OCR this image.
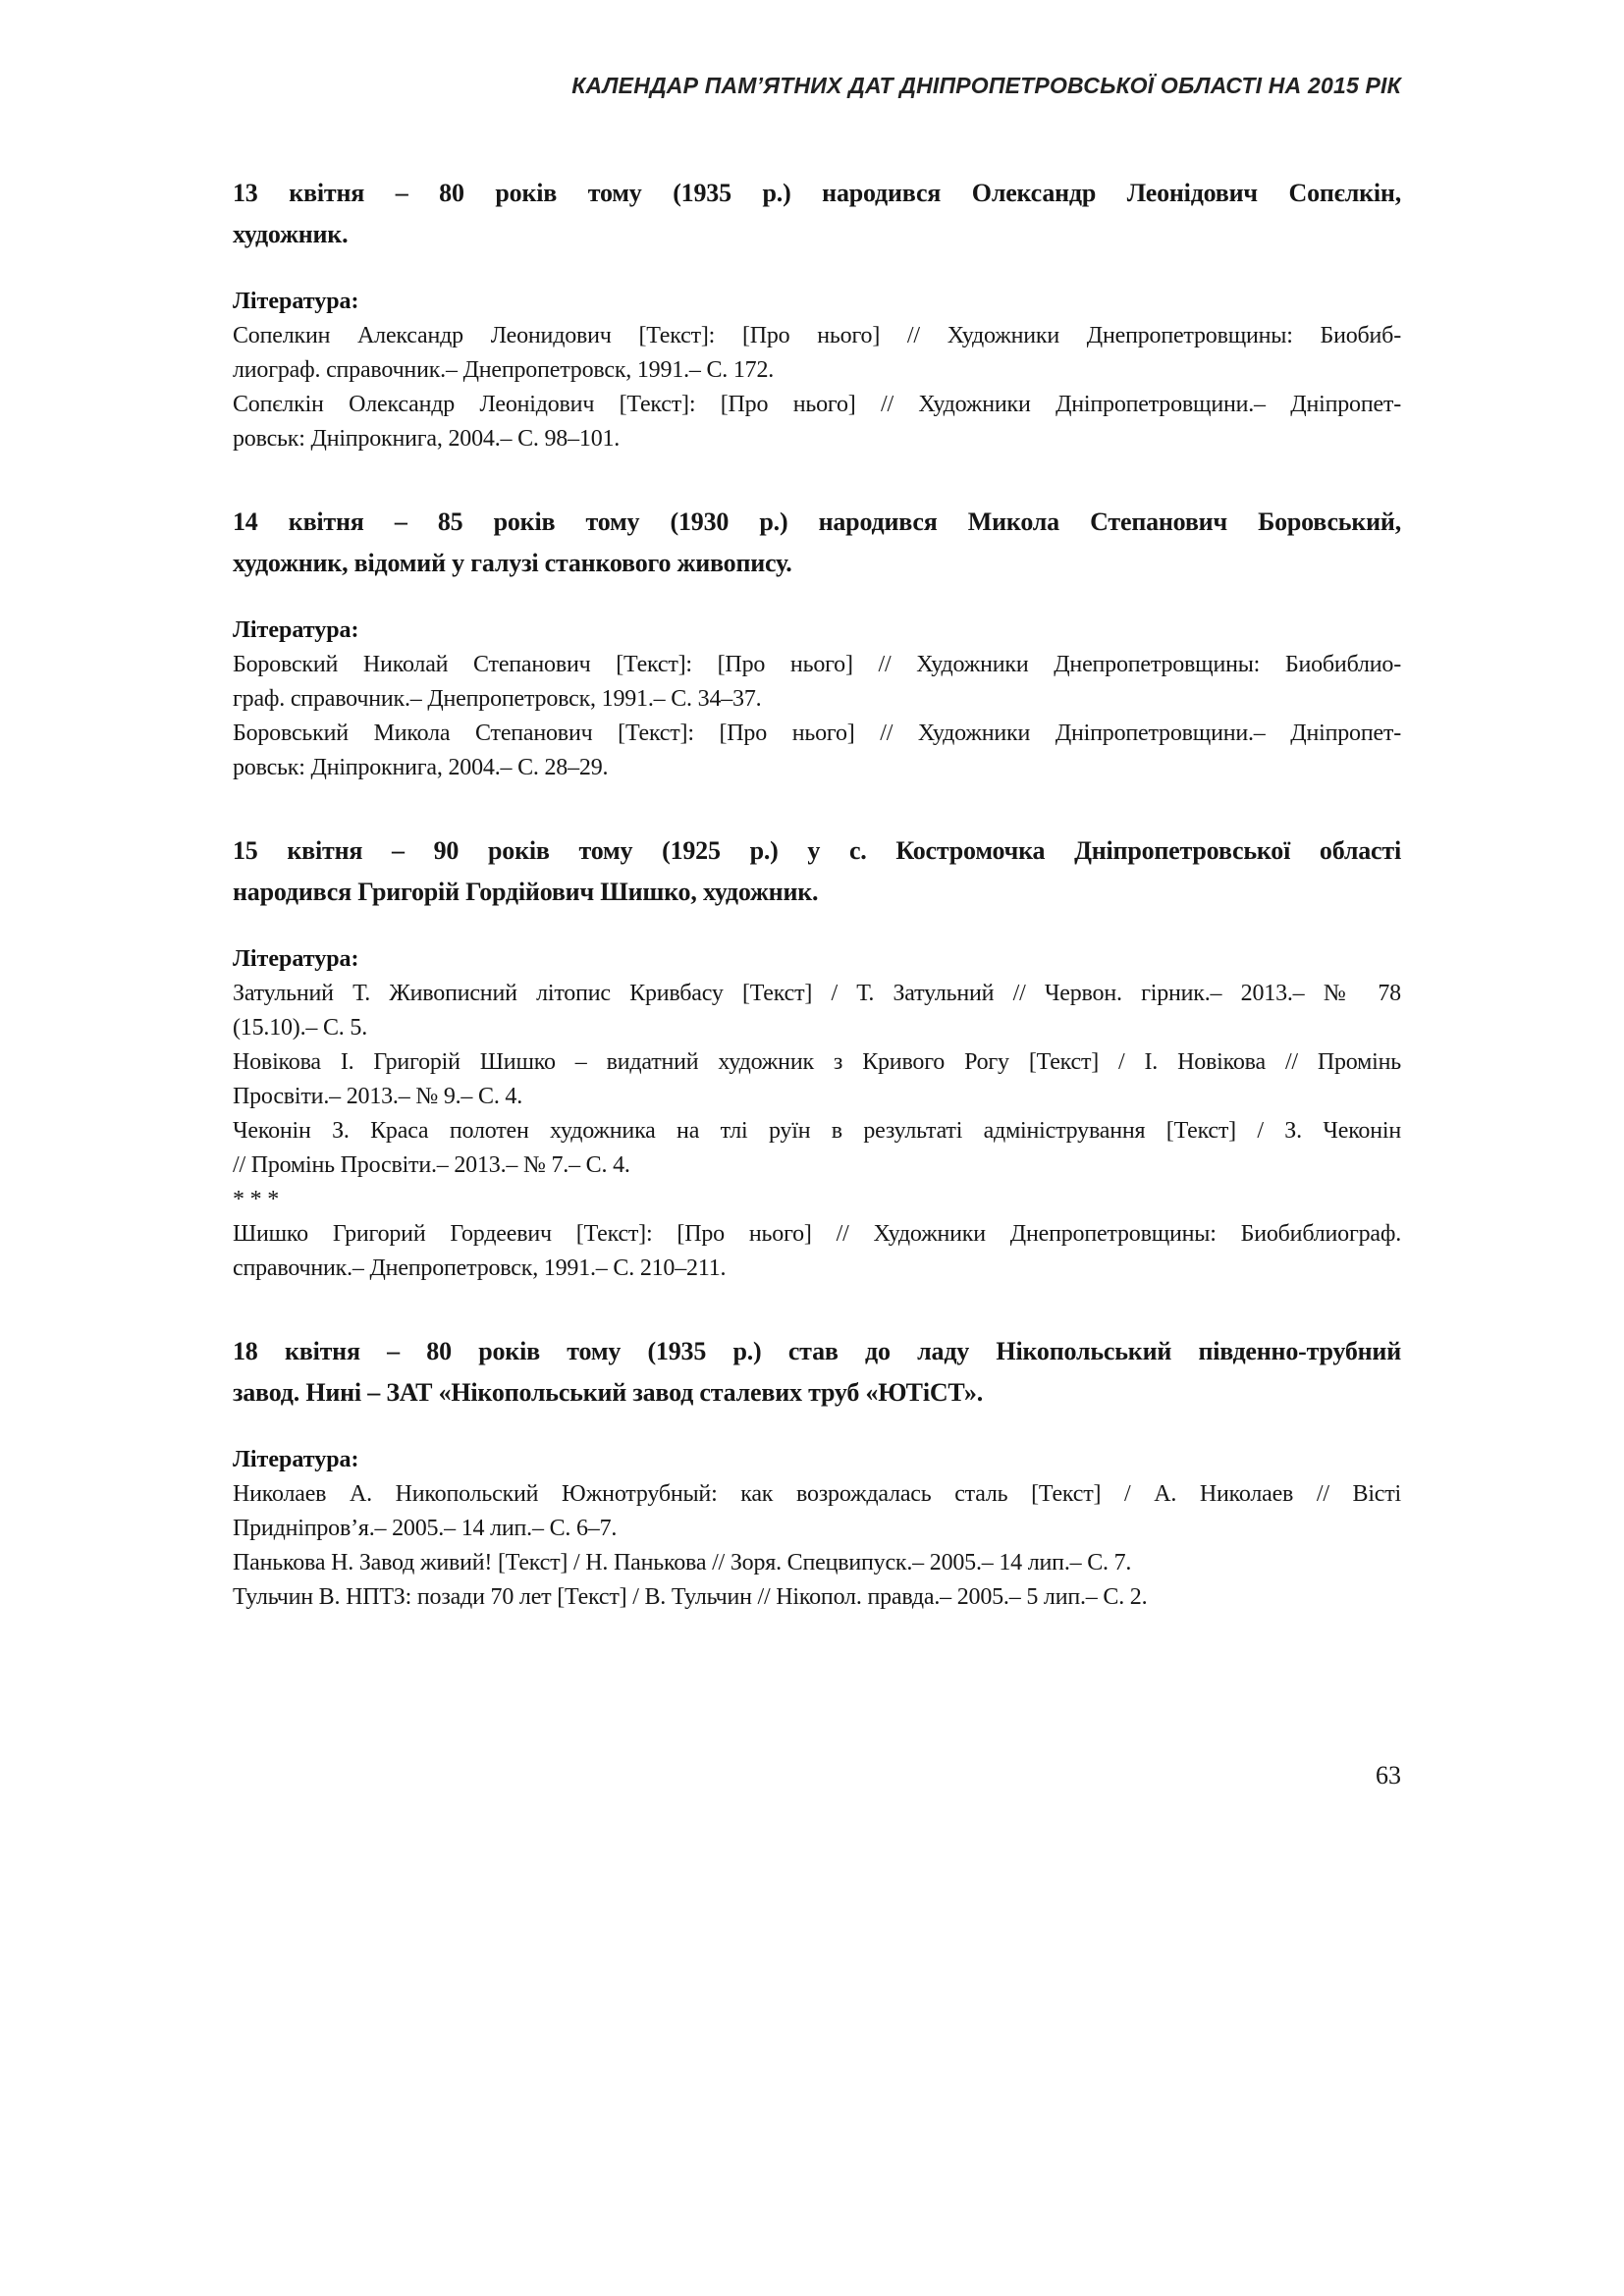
КАЛЕНДАР ПАМ’ЯТНИХ ДАТ ДНІПРОПЕТРОВСЬКОЇ ОБЛАСТІ НА 2015 РІК
13 квітня – 80 років тому (1935 р.) народився Олександр Леонідович Сопєлкін,
художник.

Література:

Сопелкин Александр Леонидович [Текст]: [Про нього] // Художники Днепропетровщины: Биобиб-
лиограф. справочник.– Днепропетровск, 1991.– С. 172.
Сопєлкін Олександр Леонідович [Текст]: [Про нього] // Художники Дніпропетровщини.– Дніпропет-
ровськ: Дніпрокнига, 2004.– С. 98–101.
14 квітня – 85 років тому (1930 р.) народився Микола Степанович Боровський,
художник, відомий у галузі станкового живопису.

Література:

Боровский Николай Степанович [Текст]: [Про нього] // Художники Днепропетровщины: Биобиблио-
граф. справочник.– Днепропетровск, 1991.– С. 34–37.
Боровський Микола Степанович [Текст]: [Про нього] // Художники Дніпропетровщини.– Дніпропет-
ровськ: Дніпрокнига, 2004.– С. 28–29.
15 квітня – 90 років тому (1925 р.) у с. Костромочка Дніпропетровської області
народився Григорій Гордійович Шишко, художник.

Література:

Затульний Т. Живописний літопис Кривбасу [Текст] / Т. Затульний // Червон. гірник.– 2013.– № 78
(15.10).– С. 5.
Новікова І. Григорій Шишко – видатний художник з Кривого Рогу [Текст] / І. Новікова // Промінь
Просвіти.– 2013.– № 9.– С. 4.
Чеконін З. Краса полотен художника на тлі руїн в результаті адміністрування [Текст] / З. Чеконін
// Промінь Просвіти.– 2013.– № 7.– С. 4.
* * *
Шишко Григорий Гордеевич [Текст]: [Про нього] // Художники Днепропетровщины: Биобиблиограф.
справочник.– Днепропетровск, 1991.– С. 210–211.
18 квітня – 80 років тому (1935 р.) став до ладу Нікопольський південно-трубний
завод. Нині – ЗАТ «Нікопольський завод сталевих труб «ЮТіСТ».

Література:

Николаев А. Никопольский Южнотрубный: как возрождалась сталь [Текст] / А. Николаев // Вісті
Придніпров’я.– 2005.– 14 лип.– С. 6–7.
Панькова Н. Завод живий! [Текст] / Н. Панькова // Зоря. Спецвипуск.– 2005.– 14 лип.– С. 7.
Тульчин В. НПТЗ: позади 70 лет [Текст] / В. Тульчин // Нікопол. правда.– 2005.– 5 лип.– С. 2.
63
